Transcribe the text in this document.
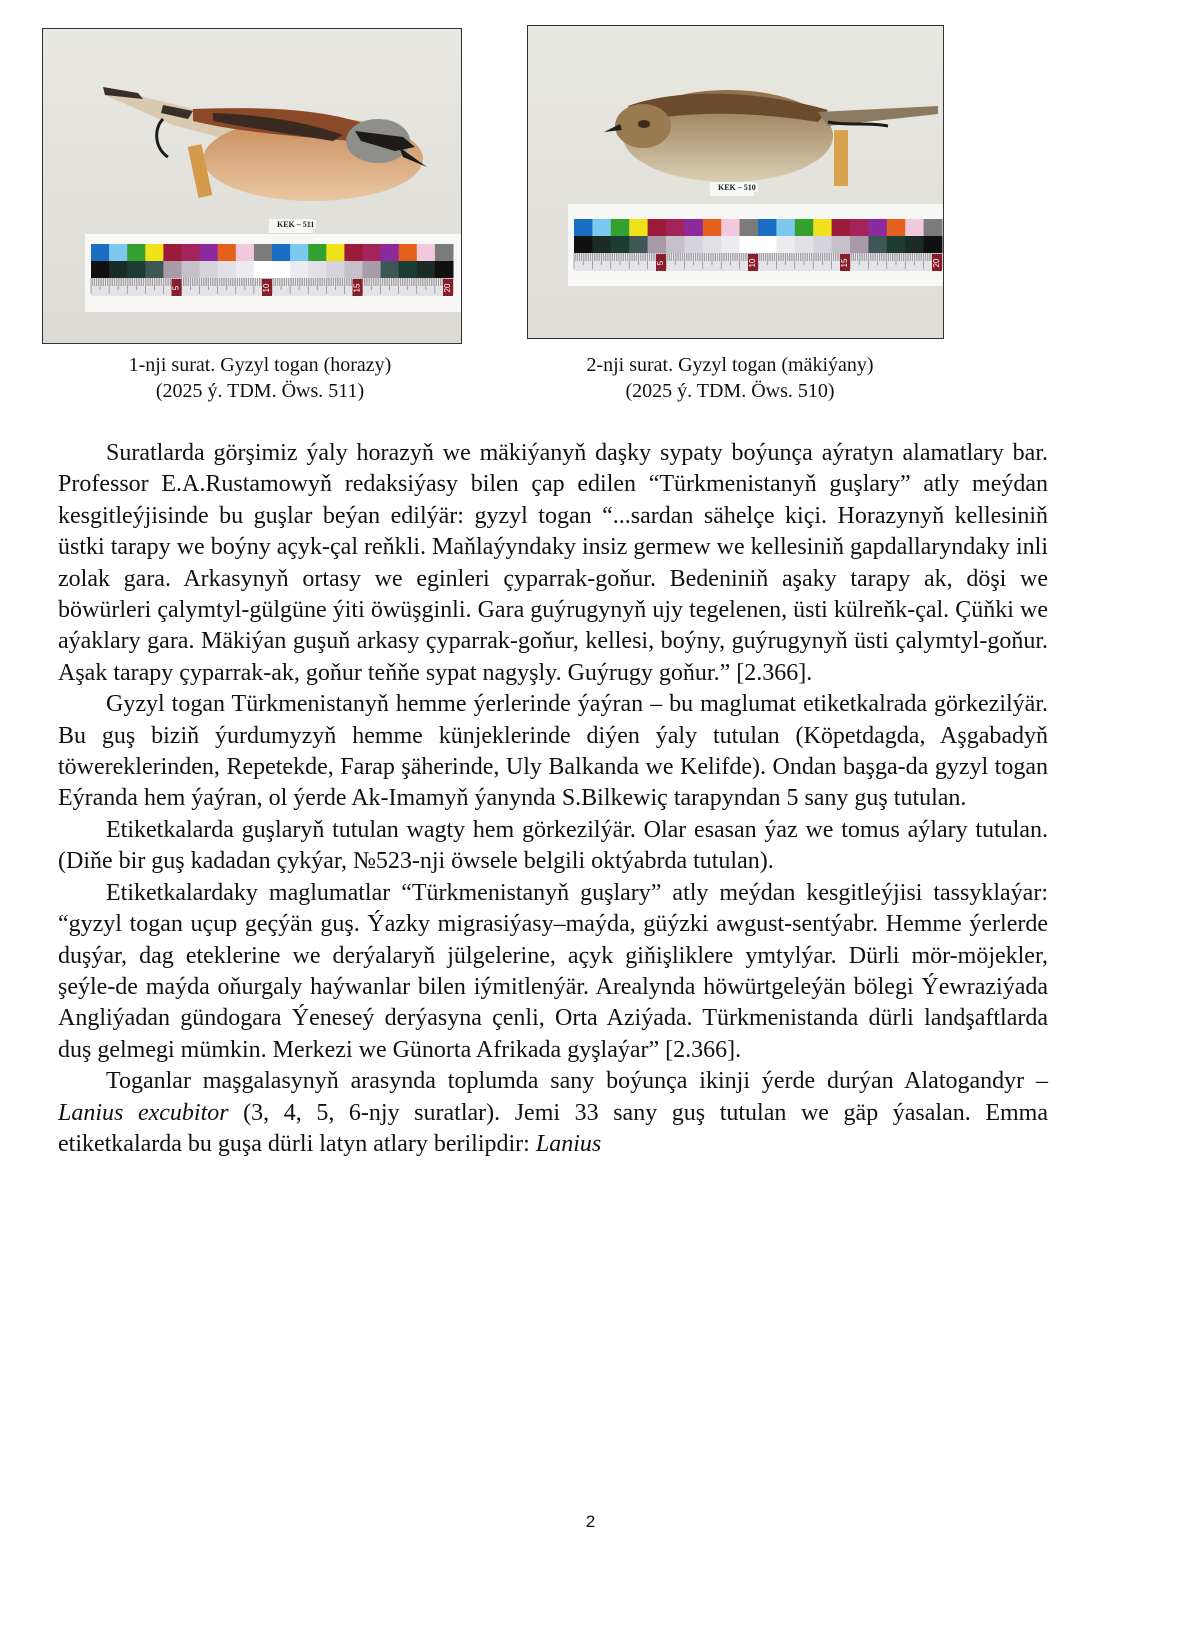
5	10	15	20
KEK – 511
5	10	15	20
KEK – 510
1-nji surat. Gyzyl togan (horazy)
(2025 ý. TDM. Öws. 511)
2-nji surat. Gyzyl togan (mäkiýany)
(2025 ý. TDM. Öws. 510)

Suratlarda görşimiz ýaly horazyň we mäkiýanyň daşky sypaty boýunça aýratyn alamatlary bar. Professor E.A.Rustamowyň redaksiýasy bilen çap edilen “Türkmenistanyň guşlary” atly meýdan kesgitleýjisinde bu guşlar beýan edilýär: gyzyl togan “...sardan sähelçe kiçi. Horazynyň kellesiniň üstki tarapy we boýny açyk-çal reňkli. Maňlaýyndaky insiz germew we kellesiniň gapdallaryndaky inli zolak gara. Arkasynyň ortasy we eginleri çyparrak-goňur. Bedeniniň aşaky tarapy ak, döşi we böwürleri çalymtyl-gülgüne ýiti öwüşginli. Gara guýrugynyň ujy tegelenen, üsti külreňk-çal. Çüňki we aýaklary gara. Mäkiýan guşuň arkasy çyparrak-goňur, kellesi, boýny, guýrugynyň üsti çalymtyl-goňur. Aşak tarapy çyparrak-ak, goňur teňňe sypat nagyşly. Guýrugy goňur.” [2.366].

Gyzyl togan Türkmenistanyň hemme ýerlerinde ýaýran – bu maglumat etiketkalrada görkezilýär. Bu guş biziň ýurdumyzyň hemme künjeklerinde diýen ýaly tutulan (Köpetdagda, Aşgabadyň töwereklerinden, Repetekde, Farap şäherinde, Uly Balkanda we Kelifde). Ondan başga-da gyzyl togan Eýranda hem ýaýran, ol ýerde Ak-Imamyň ýanynda S.Bilkewiç tarapyndan 5 sany guş tutulan.

Etiketkalarda guşlaryň tutulan wagty hem görkezilýär. Olar esasan ýaz we tomus aýlary tutulan. (Diňe bir guş kadadan çykýar, №523-nji öwsele belgili oktýabrda tutulan).

Etiketkalardaky maglumatlar “Türkmenistanyň guşlary” atly meýdan kesgitleýjisi tassyklaýar: “gyzyl togan uçup geçýän guş. Ýazky migrasiýasy–maýda, güýzki awgust-sentýabr. Hemme ýerlerde duşýar, dag eteklerine we derýalaryň jülgelerine, açyk giňişliklere ymtylýar. Dürli mör-möjekler, şeýle-de maýda oňurgaly haýwanlar bilen iýmitlenýär. Arealynda höwürtgeleýän bölegi Ýewraziýada Angliýadan gündogara Ýeneseý derýasyna çenli, Orta Aziýada. Türkmenistanda dürli landşaftlarda duş gelmegi mümkin. Merkezi we Günorta Afrikada gyşlaýar” [2.366].

Toganlar maşgalasynyň arasynda toplumda sany boýunça ikinji ýerde durýan Alatogandyr – Lanius excubitor (3, 4, 5, 6-njy suratlar). Jemi 33 sany guş tutulan we gäp ýasalan. Emma etiketkalarda bu guşa dürli latyn atlary berilipdir: Lanius

2
